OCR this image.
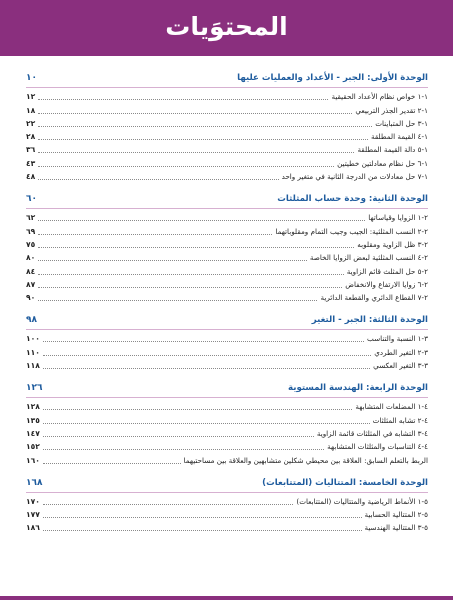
المحتوَيات
الوحدة الأولى: الجبر - الأعداد والعمليات عليها
١٠
١-١ خواص نظام الأعداد الحقيقية
١٢
١-٢ تقدير الجذر التربيعي
١٨
١-٣ حل المتباينات
٢٢
١-٤ القيمة المطلقة
٢٨
١-٥ دالة القيمة المطلقة
٣٦
١-٦ حل نظام معادلتين خطيتين
٤٣
١-٧ حل معادلات من الدرجة الثانية في متغير واحد
٤٨
الوحدة الثانية: وحدة حساب المثلثات
٦٠
٢-١ الزوايا وقياساتها
٦٢
٢-٢ النسب المثلثية: الجيب وجيب التمام ومقلوباتهما
٦٩
٢-٣ ظل الزاوية ومقلوبه
٧٥
٢-٤ النسب المثلثية لبعض الزوايا الخاصة
٨٠
٢-٥ حل المثلث قائم الزاوية
٨٤
٢-٦ زوايا الارتفاع والانخفاض
٨٧
٢-٧ القطاع الدائري والقطعة الدائرية
٩٠
الوحدة الثالثة: الجبر - التغير
٩٨
٣-١ النسبة والتناسب
١٠٠
٣-٢ التغير الطردي
١١٠
٣-٣ التغير العكسي
١١٨
الوحدة الرابعة: الهندسة المستوية
١٢٦
٤-١ المضلعات المتشابهة
١٢٨
٤-٢ تشابه المثلثات
١٣٥
٤-٣ التشابه في المثلثات قائمة الزاوية
١٤٧
٤-٤ التناسبات والمثلثات المتشابهة
١٥٢
الربط بالتعلم السابق: العلاقة بين محيطي شكلين متشابهين والعلاقة بين مساحتيهما
١٦٠
الوحدة الخامسة: المتتاليات (المتتابعات)
١٦٨
٥-١ الأنماط الرياضية والمتتاليات (المتتابعات)
١٧٠
٥-٢ المتتالية الحسابية
١٧٧
٥-٣ المتتالية الهندسية
١٨٦
